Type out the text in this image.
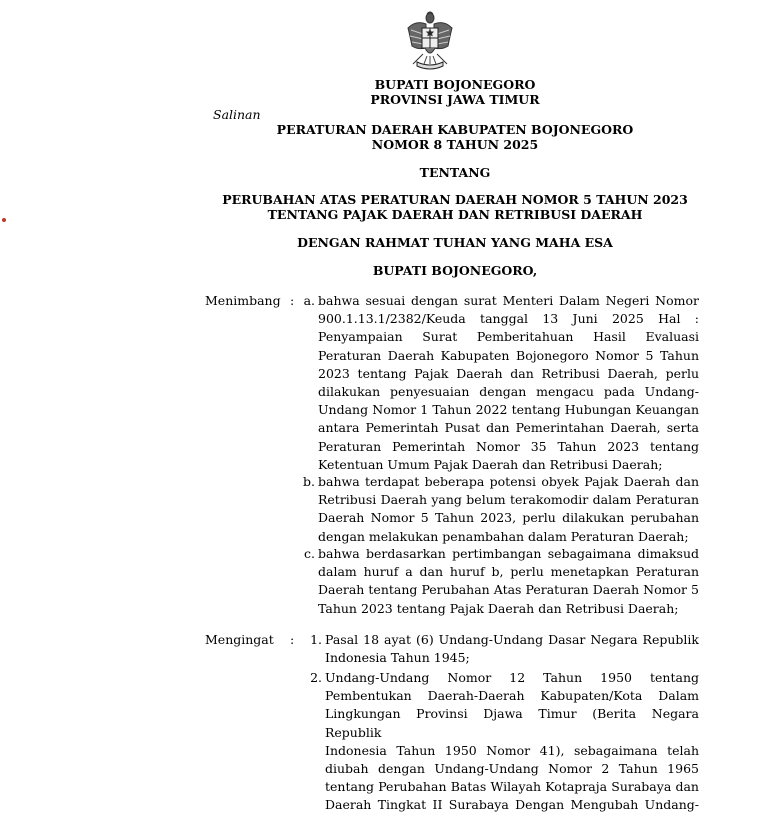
BUPATI BOJONEGORO
PROVINSI JAWA TIMUR
Salinan
PERATURAN DAERAH KABUPATEN BOJONEGORO
NOMOR 8 TAHUN 2025
TENTANG
PERUBAHAN ATAS PERATURAN DAERAH NOMOR 5 TAHUN 2023
TENTANG PAJAK DAERAH DAN RETRIBUSI DAERAH
DENGAN RAHMAT TUHAN YANG MAHA ESA
BUPATI BOJONEGORO,
Menimbang : a. bahwa sesuai dengan surat Menteri Dalam Negeri Nomor
900.1.13.1/2382/Keuda tanggal 13 Juni 2025 Hal :
Penyampaian Surat Pemberitahuan Hasil Evaluasi
Peraturan Daerah Kabupaten Bojonegoro Nomor 5 Tahun
2023 tentang Pajak Daerah dan Retribusi Daerah, perlu
dilakukan penyesuaian dengan mengacu pada Undang-
Undang Nomor 1 Tahun 2022 tentang Hubungan Keuangan
antara Pemerintah Pusat dan Pemerintahan Daerah, serta
Peraturan Pemerintah Nomor 35 Tahun 2023 tentang
Ketentuan Umum Pajak Daerah dan Retribusi Daerah;
b. bahwa terdapat beberapa potensi obyek Pajak Daerah dan
Retribusi Daerah yang belum terakomodir dalam Peraturan
Daerah Nomor 5 Tahun 2023, perlu dilakukan perubahan
dengan melakukan penambahan dalam Peraturan Daerah;
c. bahwa berdasarkan pertimbangan sebagaimana dimaksud
dalam huruf a dan huruf b, perlu menetapkan Peraturan
Daerah tentang Perubahan Atas Peraturan Daerah Nomor 5
Tahun 2023 tentang Pajak Daerah dan Retribusi Daerah;
Mengingat : 1. Pasal 18 ayat (6) Undang-Undang Dasar Negara Republik
Indonesia Tahun 1945;
2. Undang-Undang Nomor 12 Tahun 1950 tentang
Pembentukan Daerah-Daerah Kabupaten/Kota Dalam
Lingkungan Provinsi Djawa Timur (Berita Negara Republik
Indonesia Tahun 1950 Nomor 41), sebagaimana telah
diubah dengan Undang-Undang Nomor 2 Tahun 1965
tentang Perubahan Batas Wilayah Kotapraja Surabaya dan
Daerah Tingkat II Surabaya Dengan Mengubah Undang-
